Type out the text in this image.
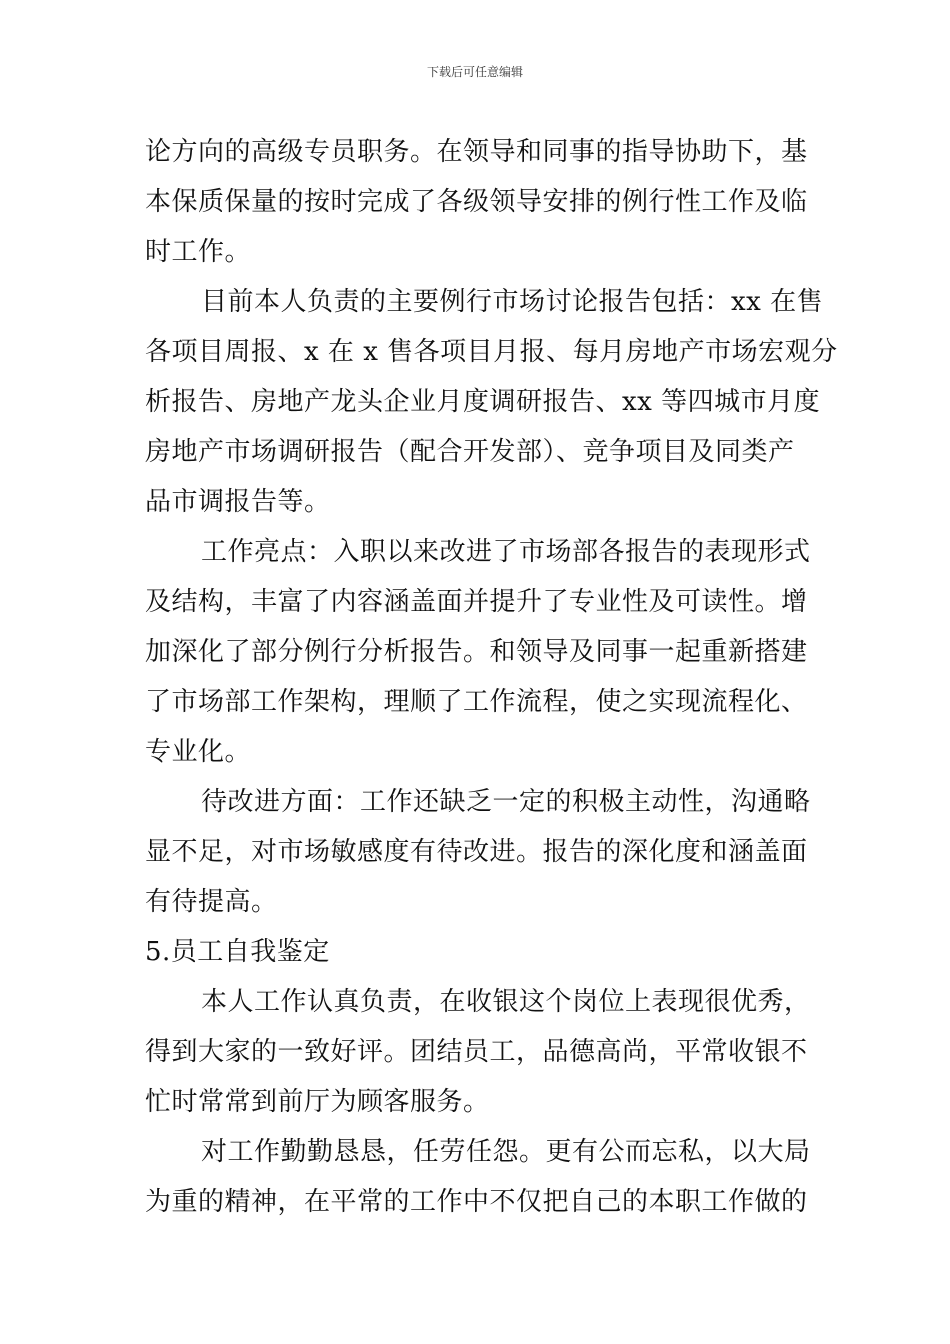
下载后可任意编辑
论方向的高级专员职务。在领导和同事的指导协助下，基
本保质保量的按时完成了各级领导安排的例行性工作及临
时工作。
目前本人负责的主要例行市场讨论报告包括：xx 在售
各项目周报、x 在 x 售各项目月报、每月房地产市场宏观分
析报告、房地产龙头企业月度调研报告、xx 等四城市月度
房地产市场调研报告（配合开发部）、竞争项目及同类产
品市调报告等。
工作亮点：入职以来改进了市场部各报告的表现形式
及结构，丰富了内容涵盖面并提升了专业性及可读性。增
加深化了部分例行分析报告。和领导及同事一起重新搭建
了市场部工作架构，理顺了工作流程，使之实现流程化、
专业化。
待改进方面：工作还缺乏一定的积极主动性，沟通略
显不足，对市场敏感度有待改进。报告的深化度和涵盖面
有待提高。
5.员工自我鉴定
本人工作认真负责，在收银这个岗位上表现很优秀，
得到大家的一致好评。团结员工，品德高尚，平常收银不
忙时常常到前厅为顾客服务。
对工作勤勤恳恳，任劳任怨。更有公而忘私，以大局
为重的精神，在平常的工作中不仅把自己的本职工作做的
